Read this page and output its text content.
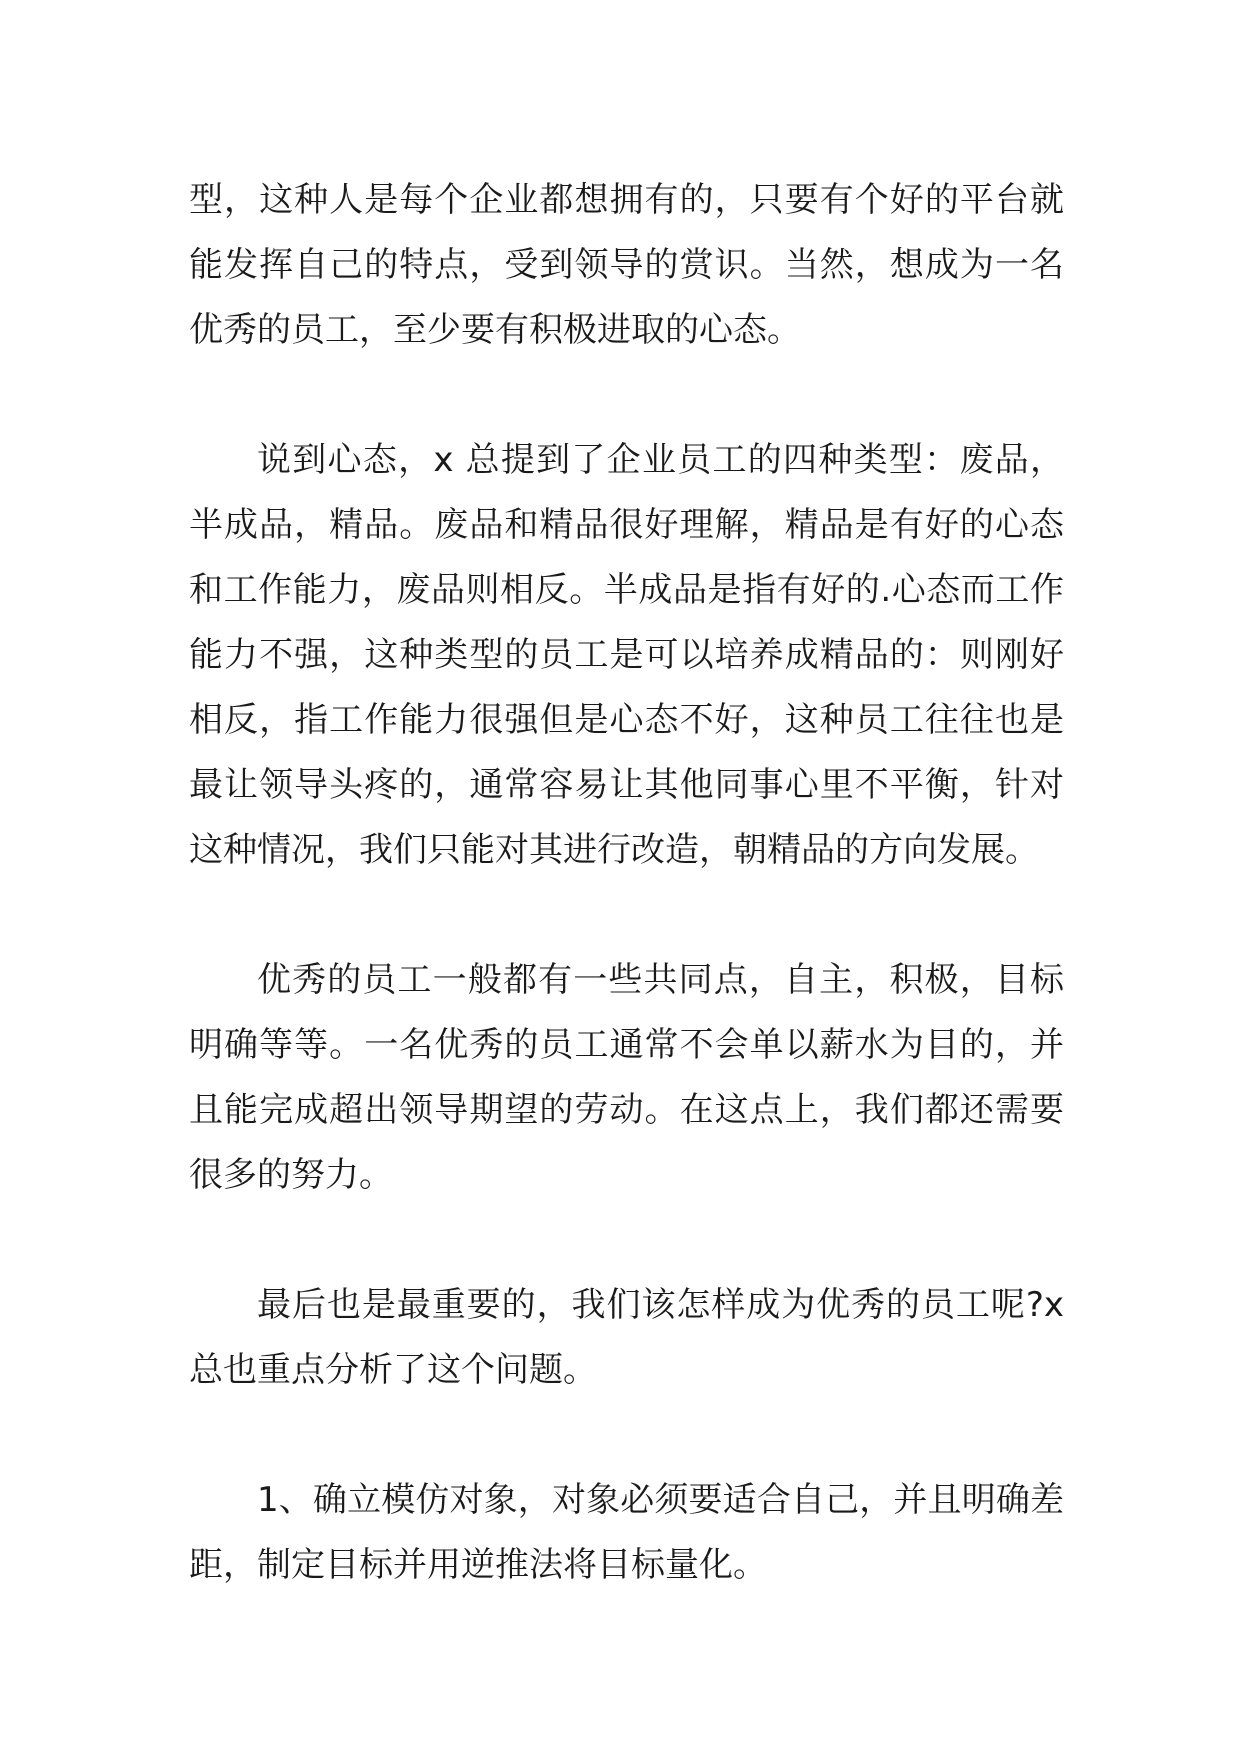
型，这种人是每个企业都想拥有的，只要有个好的平台就能发挥自己的特点，受到领导的赏识。当然，想成为一名优秀的员工，至少要有积极进取的心态。

说到心态，x 总提到了企业员工的四种类型：废品，半成品，精品。废品和精品很好理解，精品是有好的心态和工作能力，废品则相反。半成品是指有好的.心态而工作能力不强，这种类型的员工是可以培养成精品的：则刚好相反，指工作能力很强但是心态不好，这种员工往往也是最让领导头疼的，通常容易让其他同事心里不平衡，针对这种情况，我们只能对其进行改造，朝精品的方向发展。

优秀的员工一般都有一些共同点，自主，积极，目标明确等等。一名优秀的员工通常不会单以薪水为目的，并且能完成超出领导期望的劳动。在这点上，我们都还需要很多的努力。

最后也是最重要的，我们该怎样成为优秀的员工呢?x总也重点分析了这个问题。

1、确立模仿对象，对象必须要适合自己，并且明确差距，制定目标并用逆推法将目标量化。
